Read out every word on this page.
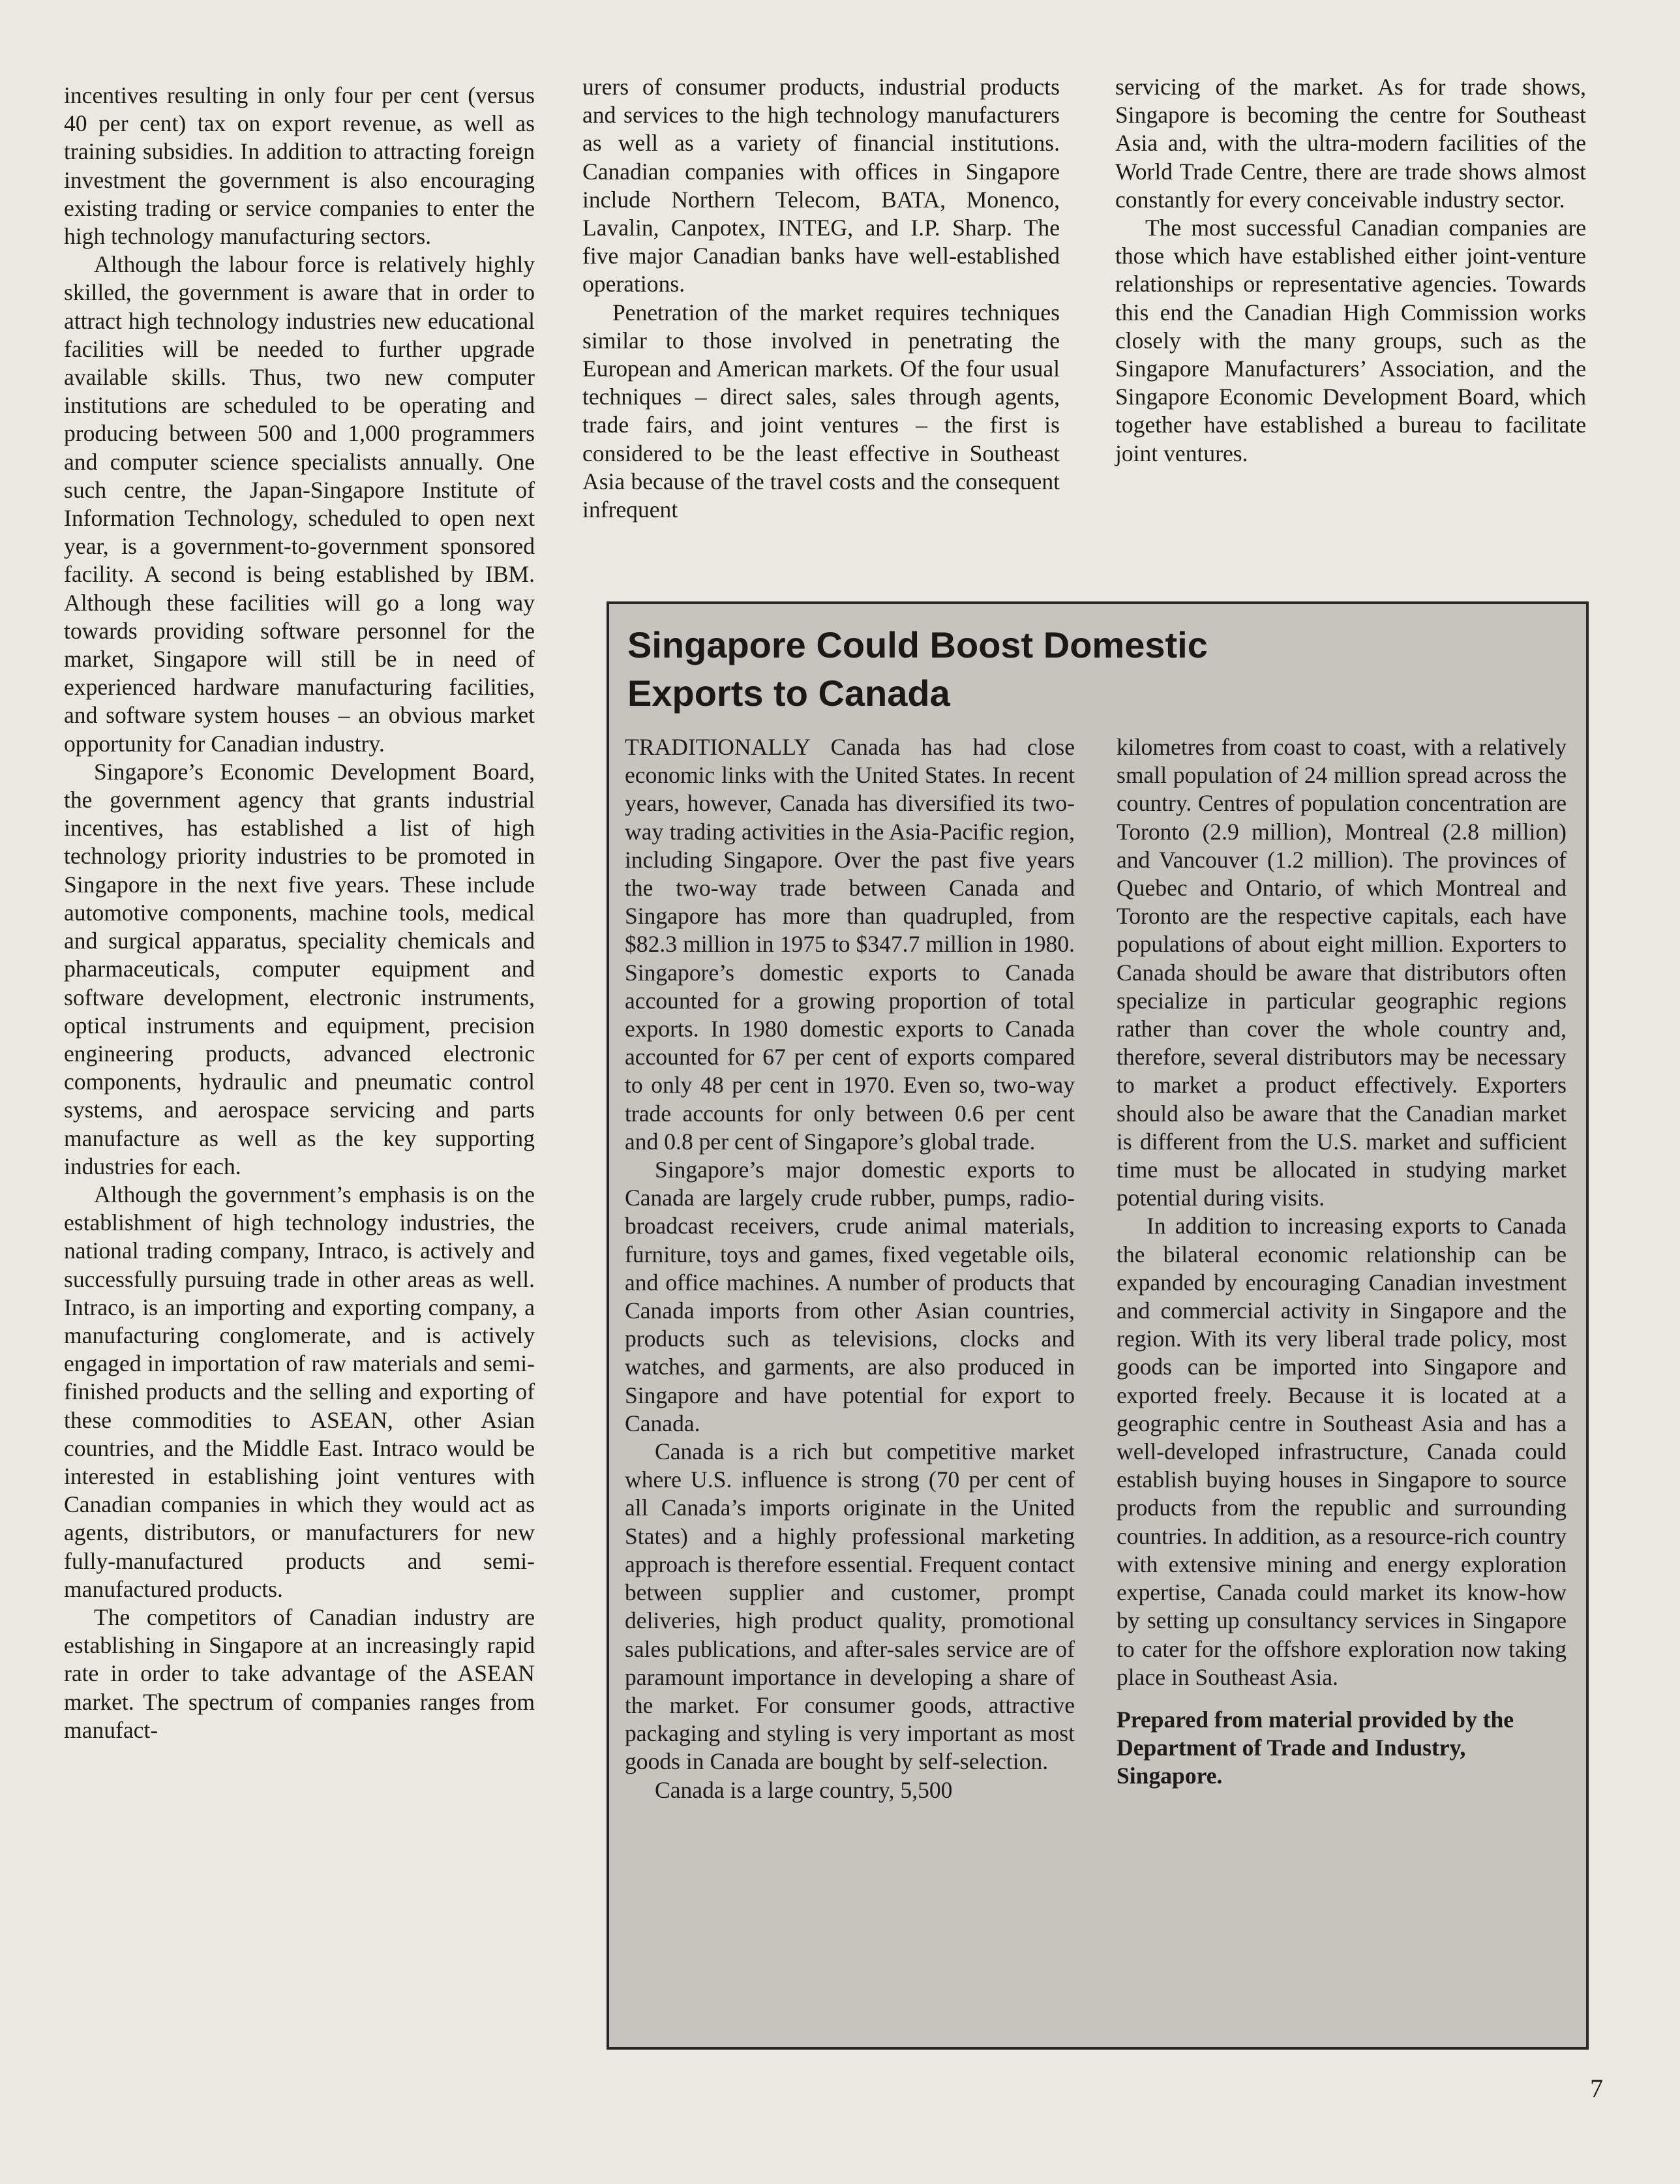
incentives resulting in only four per cent (versus 40 per cent) tax on export revenue, as well as training subsidies. In addition to attracting foreign investment the government is also encouraging existing trading or service companies to enter the high technology manufacturing sectors.

Although the labour force is relatively highly skilled, the government is aware that in order to attract high technology industries new educational facilities will be needed to further upgrade available skills. Thus, two new computer institutions are scheduled to be operating and producing between 500 and 1,000 programmers and computer science specialists annually. One such centre, the Japan-Singapore Institute of Information Technology, scheduled to open next year, is a government-to-government sponsored facility. A second is being established by IBM. Although these facilities will go a long way towards providing software personnel for the market, Singapore will still be in need of experienced hardware manufacturing facilities, and software system houses – an obvious market opportunity for Canadian industry.

Singapore’s Economic Development Board, the government agency that grants industrial incentives, has established a list of high technology priority industries to be promoted in Singapore in the next five years. These include automotive components, machine tools, medical and surgical apparatus, speciality chemicals and pharmaceuticals, computer equipment and software development, electronic instruments, optical instruments and equipment, precision engineering products, advanced electronic components, hydraulic and pneumatic control systems, and aerospace servicing and parts manufacture as well as the key supporting industries for each.

Although the government’s emphasis is on the establishment of high technology industries, the national trading company, Intraco, is actively and successfully pursuing trade in other areas as well. Intraco, is an importing and exporting company, a manufacturing conglomerate, and is actively engaged in importation of raw materials and semi-finished products and the selling and exporting of these commodities to ASEAN, other Asian countries, and the Middle East. Intraco would be interested in establishing joint ventures with Canadian companies in which they would act as agents, distributors, or manufacturers for new fully-manufactured products and semi-manufactured products.

The competitors of Canadian industry are establishing in Singapore at an increasingly rapid rate in order to take advantage of the ASEAN market. The spectrum of companies ranges from manufact-

urers of consumer products, industrial products and services to the high technology manufacturers as well as a variety of financial institutions. Canadian companies with offices in Singapore include Northern Telecom, BATA, Monenco, Lavalin, Canpotex, INTEG, and I.P. Sharp. The five major Canadian banks have well-established operations.

Penetration of the market requires techniques similar to those involved in penetrating the European and American markets. Of the four usual techniques – direct sales, sales through agents, trade fairs, and joint ventures – the first is considered to be the least effective in Southeast Asia because of the travel costs and the consequent infrequent

servicing of the market. As for trade shows, Singapore is becoming the centre for Southeast Asia and, with the ultra-modern facilities of the World Trade Centre, there are trade shows almost constantly for every conceivable industry sector.

The most successful Canadian companies are those which have established either joint-venture relationships or representative agencies. Towards this end the Canadian High Commission works closely with the many groups, such as the Singapore Manufacturers’ Association, and the Singapore Economic Development Board, which together have established a bureau to facilitate joint ventures.

Singapore Could Boost Domestic
Exports to Canada

TRADITIONALLY Canada has had close economic links with the United States. In recent years, however, Canada has diversified its two-way trading activities in the Asia-Pacific region, including Singapore. Over the past five years the two-way trade between Canada and Singapore has more than quadrupled, from $82.3 million in 1975 to $347.7 million in 1980. Singapore’s domestic exports to Canada accounted for a growing proportion of total exports. In 1980 domestic exports to Canada accounted for 67 per cent of exports compared to only 48 per cent in 1970. Even so, two-way trade accounts for only between 0.6 per cent and 0.8 per cent of Singapore’s global trade.

Singapore’s major domestic exports to Canada are largely crude rubber, pumps, radio-broadcast receivers, crude animal materials, furniture, toys and games, fixed vegetable oils, and office machines. A number of products that Canada imports from other Asian countries, products such as televisions, clocks and watches, and garments, are also produced in Singapore and have potential for export to Canada.

Canada is a rich but competitive market where U.S. influence is strong (70 per cent of all Canada’s imports originate in the United States) and a highly professional marketing approach is therefore essential. Frequent contact between supplier and customer, prompt deliveries, high product quality, promotional sales publications, and after-sales service are of paramount importance in developing a share of the market. For consumer goods, attractive packaging and styling is very important as most goods in Canada are bought by self-selection.

Canada is a large country, 5,500

kilometres from coast to coast, with a relatively small population of 24 million spread across the country. Centres of population concentration are Toronto (2.9 million), Montreal (2.8 million) and Vancouver (1.2 million). The provinces of Quebec and Ontario, of which Montreal and Toronto are the respective capitals, each have populations of about eight million. Exporters to Canada should be aware that distributors often specialize in particular geographic regions rather than cover the whole country and, therefore, several distributors may be necessary to market a product effectively. Exporters should also be aware that the Canadian market is different from the U.S. market and sufficient time must be allocated in studying market potential during visits.

In addition to increasing exports to Canada the bilateral economic relationship can be expanded by encouraging Canadian investment and commercial activity in Singapore and the region. With its very liberal trade policy, most goods can be imported into Singapore and exported freely. Because it is located at a geographic centre in Southeast Asia and has a well-developed infrastructure, Canada could establish buying houses in Singapore to source products from the republic and surrounding countries. In addition, as a resource-rich country with extensive mining and energy exploration expertise, Canada could market its know-how by setting up consultancy services in Singapore to cater for the offshore exploration now taking place in Southeast Asia.

Prepared from material provided by the Department of Trade and Industry, Singapore.

7
